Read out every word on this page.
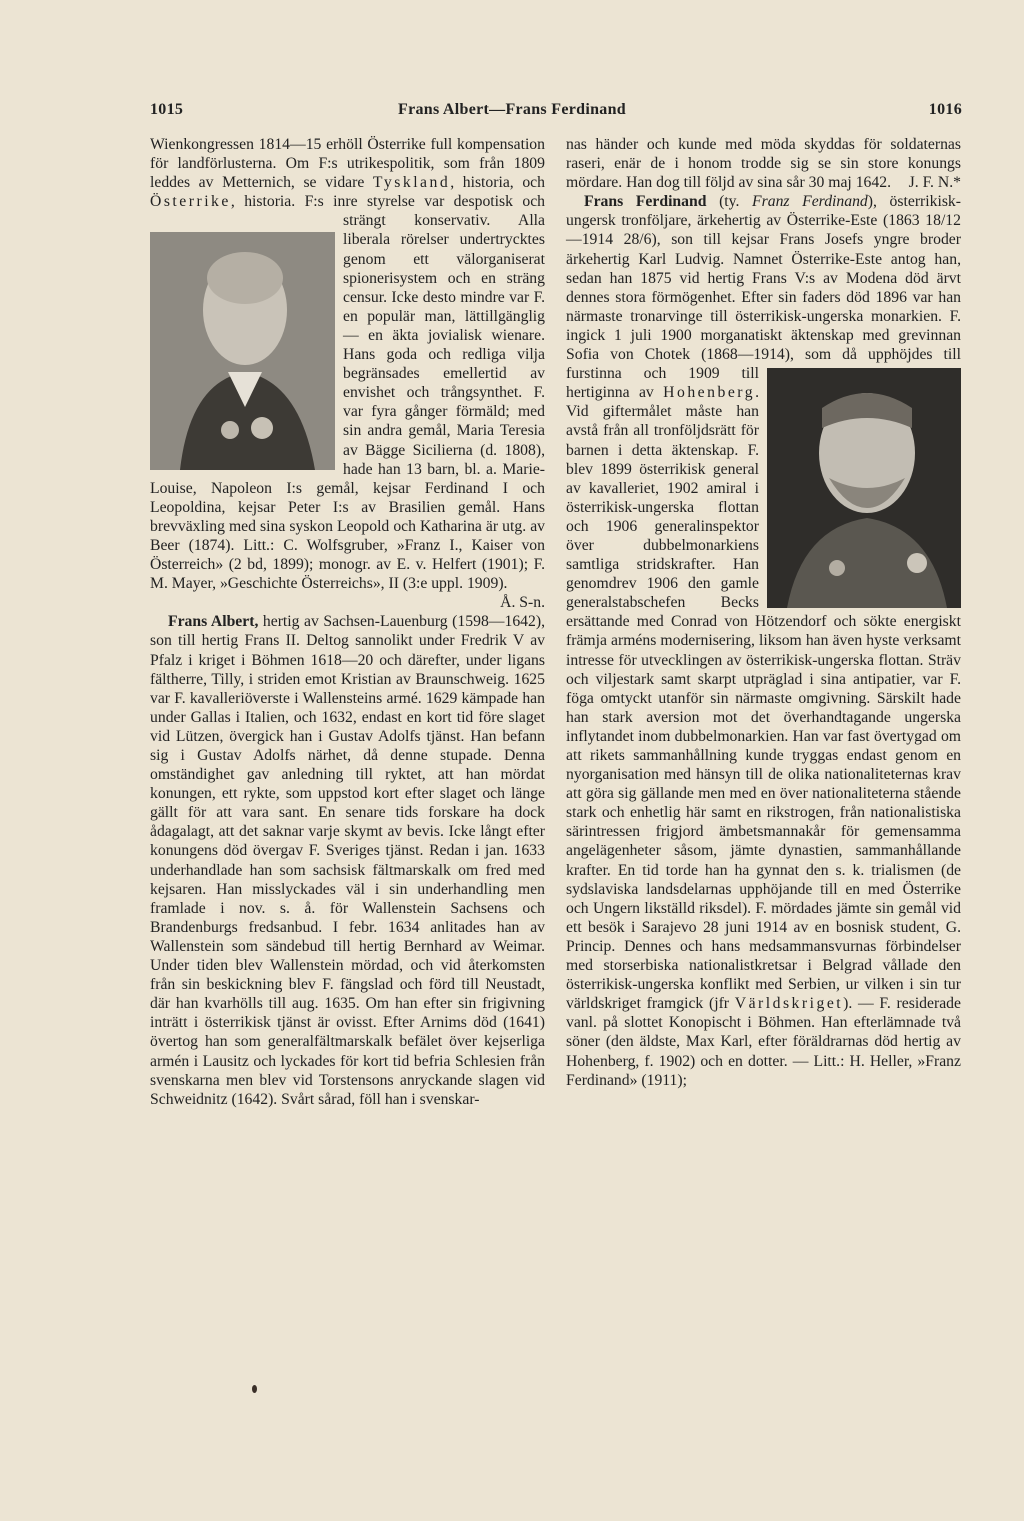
1015	Frans Albert—Frans Ferdinand	1016

Wienkongressen 1814—15 erhöll Österrike full kompensation för landförlusterna. Om F:s utrikespolitik, som från 1809 leddes av Metternich, se vidare Tyskland, historia, och Österrike, historia. F:s inre styrelse var despotisk och strängt konservativ. Alla liberala rörelser undertrycktes genom ett välorganiserat spionerisystem och en sträng censur. Icke desto mindre var F. en populär man, lättillgänglig — en äkta jovialisk wienare. Hans goda och redliga vilja begränsades emellertid av envishet och trångsynthet. F. var fyra gånger förmäld; med sin andra gemål, Maria Teresia av Bägge Sicilierna (d. 1808), hade han 13 barn, bl. a. Marie-Louise, Napoleon I:s gemål, kejsar Ferdinand I och Leopoldina, kejsar Peter I:s av Brasilien gemål. Hans brevväxling med sina syskon Leopold och Katharina är utg. av Beer (1874). Litt.: C. Wolfsgruber, »Franz I., Kaiser von Österreich» (2 bd, 1899); monogr. av E. v. Helfert (1901); F. M. Mayer, »Geschichte Österreichs», II (3:e uppl. 1909).
Å. S-n.

Frans Albert, hertig av Sachsen-Lauenburg (1598—1642), son till hertig Frans II. Deltog sannolikt under Fredrik V av Pfalz i kriget i Böhmen 1618—20 och därefter, under ligans fältherre, Tilly, i striden emot Kristian av Braunschweig. 1625 var F. kavalleriöverste i Wallensteins armé. 1629 kämpade han under Gallas i Italien, och 1632, endast en kort tid före slaget vid Lützen, övergick han i Gustav Adolfs tjänst. Han befann sig i Gustav Adolfs närhet, då denne stupade. Denna omständighet gav anledning till ryktet, att han mördat konungen, ett rykte, som uppstod kort efter slaget och länge gällt för att vara sant. En senare tids forskare ha dock ådagalagt, att det saknar varje skymt av bevis. Icke långt efter konungens död övergav F. Sveriges tjänst. Redan i jan. 1633 underhandlade han som sachsisk fältmarskalk om fred med kejsaren. Han misslyckades väl i sin underhandling men framlade i nov. s. å. för Wallenstein Sachsens och Brandenburgs fredsanbud. I febr. 1634 anlitades han av Wallenstein som sändebud till hertig Bernhard av Weimar. Under tiden blev Wallenstein mördad, och vid återkomsten från sin beskickning blev F. fängslad och förd till Neustadt, där han kvarhölls till aug. 1635. Om han efter sin frigivning inträtt i österrikisk tjänst är ovisst. Efter Arnims död (1641) övertog han som generalfältmarskalk befälet över kejserliga armén i Lausitz och lyckades för kort tid befria Schlesien från svenskarna men blev vid Torstensons anryckande slagen vid Schweidnitz (1642). Svårt sårad, föll han i svenskar-

nas händer och kunde med möda skyddas för soldaternas raseri, enär de i honom trodde sig se sin store konungs mördare. Han dog till följd av sina sår 30 maj 1642. J. F. N.*

Frans Ferdinand (ty. Franz Ferdinand), österrikisk-ungersk tronföljare, ärkehertig av Österrike-Este (1863 18/12—1914 28/6), son till kejsar Frans Josefs yngre broder ärkehertig Karl Ludvig. Namnet Österrike-Este antog han, sedan han 1875 vid hertig Frans V:s av Modena död ärvt dennes stora förmögenhet. Efter sin faders död 1896 var han närmaste tronarvinge till österrikisk-ungerska monarkien. F. ingick 1 juli 1900 morganatiskt äktenskap med grevinnan Sofia von Chotek (1868—1914), som då upphöjdes till furstinna och 1909 till hertiginna av Hohenberg. Vid giftermålet måste han avstå från all tronföljdsrätt för barnen i detta äktenskap. F. blev 1899 österrikisk general av kavalleriet, 1902 amiral i österrikisk-ungerska flottan och 1906 generalinspektor över dubbelmonarkiens samtliga stridskrafter. Han genomdrev 1906 den gamle generalstabschefen Becks ersättande med Conrad von Hötzendorf och sökte energiskt främja arméns modernisering, liksom han även hyste verksamt intresse för utvecklingen av österrikisk-ungerska flottan. Sträv och viljestark samt skarpt utpräglad i sina antipatier, var F. föga omtyckt utanför sin närmaste omgivning. Särskilt hade han stark aversion mot det överhandtagande ungerska inflytandet inom dubbelmonarkien. Han var fast övertygad om att rikets sammanhållning kunde tryggas endast genom en nyorganisation med hänsyn till de olika nationaliteternas krav att göra sig gällande men med en över nationaliteterna stående stark och enhetlig här samt en rikstrogen, från nationalistiska särintressen frigjord ämbetsmannakår för gemensamma angelägenheter såsom, jämte dynastien, sammanhållande krafter. En tid torde han ha gynnat den s. k. trialismen (de sydslaviska landsdelarnas upphöjande till en med Österrike och Ungern likställd riksdel). F. mördades jämte sin gemål vid ett besök i Sarajevo 28 juni 1914 av en bosnisk student, G. Princip. Dennes och hans medsammansvurnas förbindelser med storserbiska nationalistkretsar i Belgrad vållade den österrikisk-ungerska konflikt med Serbien, ur vilken i sin tur världskriget framgick (jfr Världskriget). — F. residerade vanl. på slottet Konopischt i Böhmen. Han efterlämnade två söner (den äldste, Max Karl, efter föräldrarnas död hertig av Hohenberg, f. 1902) och en dotter. — Litt.: H. Heller, »Franz Ferdinand» (1911);
